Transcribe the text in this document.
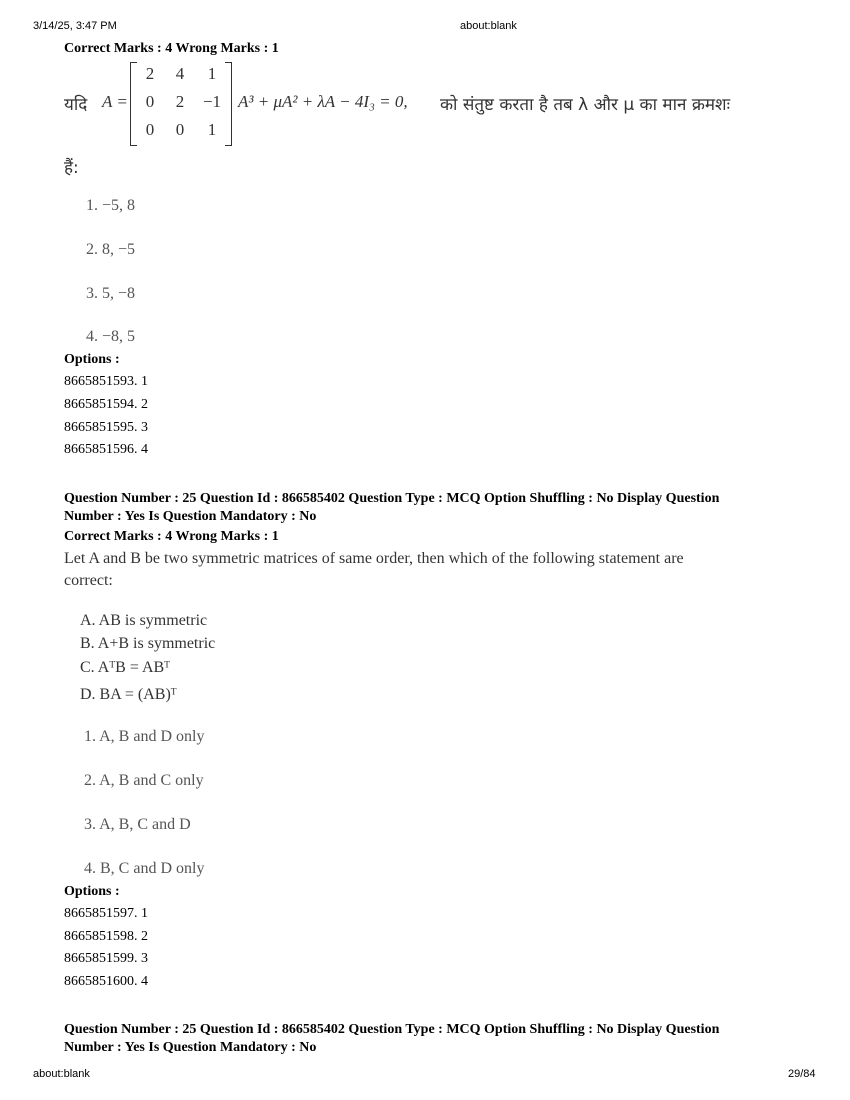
3/14/25, 3:47 PM	about:blank
Correct Marks : 4 Wrong Marks : 1
यदि A =
2	4	1
0	2	−1
0	0	1
A³ + μA² + λA − 4I₃ = 0, को संतुष्ट करता है तब λ और μ का मान क्रमशः
हैं:
1. −5, 8
2. 8, −5
3. 5, −8
4. −8, 5
Options :
8665851593. 1
8665851594. 2
8665851595. 3
8665851596. 4
Question Number : 25 Question Id : 866585402 Question Type : MCQ Option Shuffling : No Display Question
Number : Yes Is Question Mandatory : No
Correct Marks : 4 Wrong Marks : 1
Let A and B be two symmetric matrices of same order, then which of the following statement are
correct:
A. AB is symmetric
B. A+B is symmetric
C. AᵀB = ABᵀ
D. BA = (AB)ᵀ
1. A, B and D only
2. A, B and C only
3. A, B, C and D
4. B, C and D only
Options :
8665851597. 1
8665851598. 2
8665851599. 3
8665851600. 4
Question Number : 25 Question Id : 866585402 Question Type : MCQ Option Shuffling : No Display Question
Number : Yes Is Question Mandatory : No
about:blank	29/84
